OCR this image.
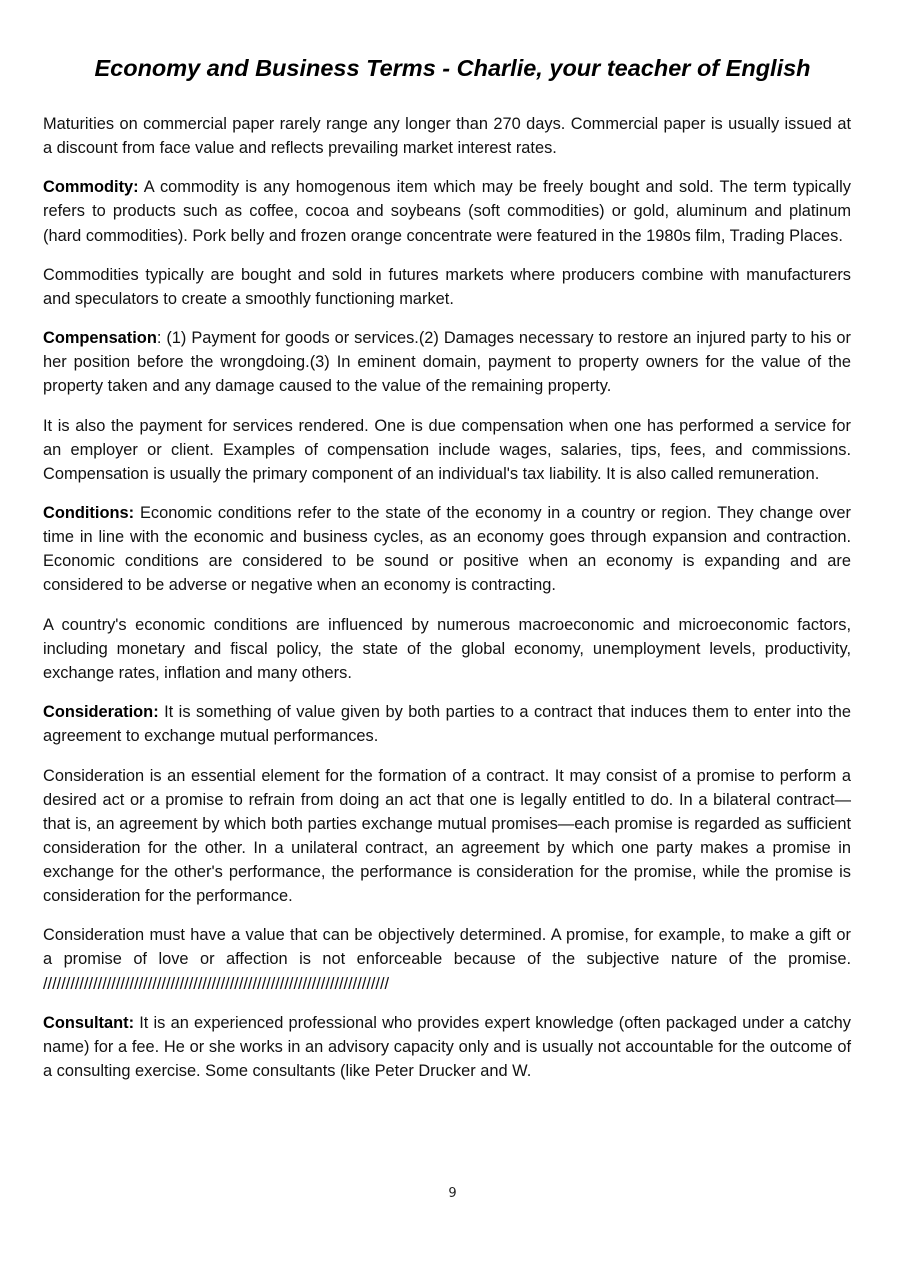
Economy and Business Terms - Charlie, your teacher of English

Maturities on commercial paper rarely range any longer than 270 days. Commercial paper is usually issued at a discount from face value and reflects prevailing market interest rates.

Commodity: A commodity is any homogenous item which may be freely bought and sold. The term typically refers to products such as coffee, cocoa and soybeans (soft commodities) or gold, aluminum and platinum (hard commodities). Pork belly and frozen orange concentrate were featured in the 1980s film, Trading Places.

Commodities typically are bought and sold in futures markets where producers combine with manufacturers and speculators to create a smoothly functioning market.

Compensation: (1) Payment for goods or services.(2) Damages necessary to restore an injured party to his or her position before the wrongdoing.(3) In eminent domain, payment to property owners for the value of the property taken and any damage caused to the value of the remaining property.

It is also the payment for services rendered. One is due compensation when one has performed a service for an employer or client. Examples of compensation include wages, salaries, tips, fees, and commissions. Compensation is usually the primary component of an individual's tax liability. It is also called remuneration.

Conditions: Economic conditions refer to the state of the economy in a country or region. They change over time in line with the economic and business cycles, as an economy goes through expansion and contraction. Economic conditions are considered to be sound or positive when an economy is expanding and are considered to be adverse or negative when an economy is contracting.

A country's economic conditions are influenced by numerous macroeconomic and microeconomic factors, including monetary and fiscal policy, the state of the global economy, unemployment levels, productivity, exchange rates, inflation and many others.

Consideration: It is something of value given by both parties to a contract that induces them to enter into the agreement to exchange mutual performances.

Consideration is an essential element for the formation of a contract. It may consist of a promise to perform a desired act or a promise to refrain from doing an act that one is legally entitled to do. In a bilateral contract— that is, an agreement by which both parties exchange mutual promises—each promise is regarded as sufficient consideration for the other. In a unilateral contract, an agreement by which one party makes a promise in exchange for the other's performance, the performance is consideration for the promise, while the promise is consideration for the performance.

Consideration must have a value that can be objectively determined. A promise, for example, to make a gift or a promise of love or affection is not enforceable because of the subjective nature of the promise. ////////////////////////////////////////////////////////////////////////////

Consultant: It is an experienced professional who provides expert knowledge (often packaged under a catchy name) for a fee. He or she works in an advisory capacity only and is usually not accountable for the outcome of a consulting exercise. Some consultants (like Peter Drucker and W.

9
